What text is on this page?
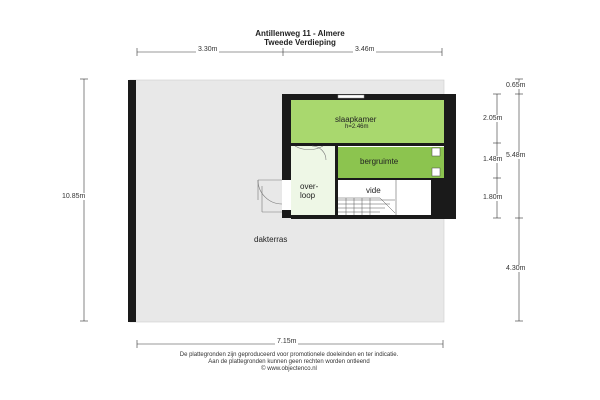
Antillenweg 11 - Almere
Tweede Verdieping
slaapkamer
h=2.46m
bergruimte
over-
loop
vide
dakterras
3.30m	3.46m
7.15m
10.85m
0.65m
2.05m
1.48m
1.80m
4.30m
5.48m
De plattegronden zijn geproduceerd voor promotionele doeleinden en ter indicatie.
Aan de plattegronden kunnen geen rechten worden ontleend
© www.objectenco.nl
